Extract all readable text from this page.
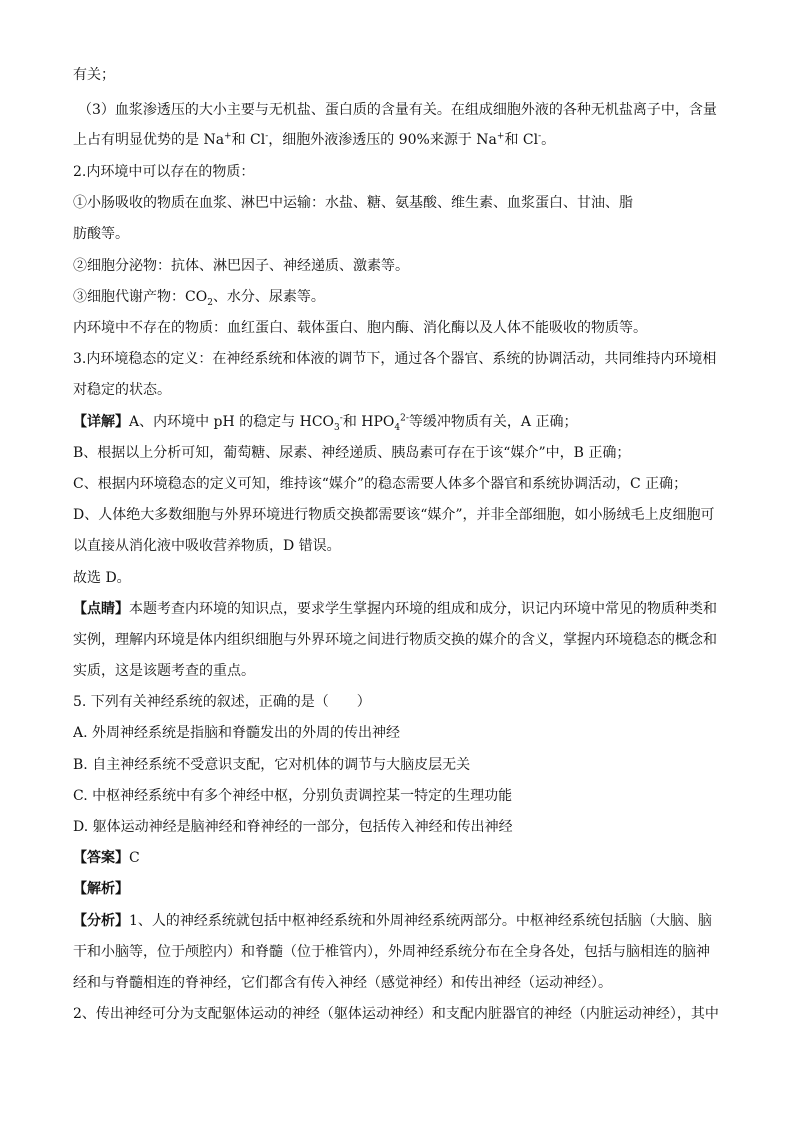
有关；
（3）血浆渗透压的大小主要与无机盐、蛋白质的含量有关。在组成细胞外液的各种无机盐离子中，含量
上占有明显优势的是 Na+和 Cl-，细胞外液渗透压的 90%来源于 Na+和 Cl-。
2.内环境中可以存在的物质：
①小肠吸收的物质在血浆、淋巴中运输：水盐、糖、氨基酸、维生素、血浆蛋白、甘油、脂
肪酸等。
②细胞分泌物：抗体、淋巴因子、神经递质、激素等。
③细胞代谢产物：$CO_2$、水分、尿素等。
内环境中不存在的物质：血红蛋白、载体蛋白、胞内酶、消化酶以及人体不能吸收的物质等。
3.内环境稳态的定义：在神经系统和体液的调节下，通过各个器官、系统的协调活动，共同维持内环境相
对稳定的状态。
【详解】A、内环境中 pH 的稳定与 $HCO_3^-$和 $HPO_4^{2-}$等缓冲物质有关，A 正确；
B、根据以上分析可知，葡萄糖、尿素、神经递质、胰岛素可存在于该“媒介”中，B 正确；
C、根据内环境稳态的定义可知，维持该“媒介”的稳态需要人体多个器官和系统协调活动，C 正确；
D、人体绝大多数细胞与外界环境进行物质交换都需要该“媒介”，并非全部细胞，如小肠绒毛上皮细胞可
以直接从消化液中吸收营养物质，D 错误。
故选 D。
【点睛】本题考查内环境的知识点，要求学生掌握内环境的组成和成分，识记内环境中常见的物质种类和
实例，理解内环境是体内组织细胞与外界环境之间进行物质交换的媒介的含义，掌握内环境稳态的概念和
实质，这是该题考查的重点。
5. 下列有关神经系统的叙述，正确的是（　　）
A. 外周神经系统是指脑和脊髓发出的外周的传出神经
B. 自主神经系统不受意识支配，它对机体的调节与大脑皮层无关
C. 中枢神经系统中有多个神经中枢，分别负责调控某一特定的生理功能
D. 躯体运动神经是脑神经和脊神经的一部分，包括传入神经和传出神经
【答案】C
【解析】
【分析】1、人的神经系统就包括中枢神经系统和外周神经系统两部分。中枢神经系统包括脑（大脑、脑
干和小脑等，位于颅腔内）和脊髓（位于椎管内），外周神经系统分布在全身各处，包括与脑相连的脑神
经和与脊髓相连的脊神经，它们都含有传入神经（感觉神经）和传出神经（运动神经）。
2、传出神经可分为支配躯体运动的神经（躯体运动神经）和支配内脏器官的神经（内脏运动神经），其中
